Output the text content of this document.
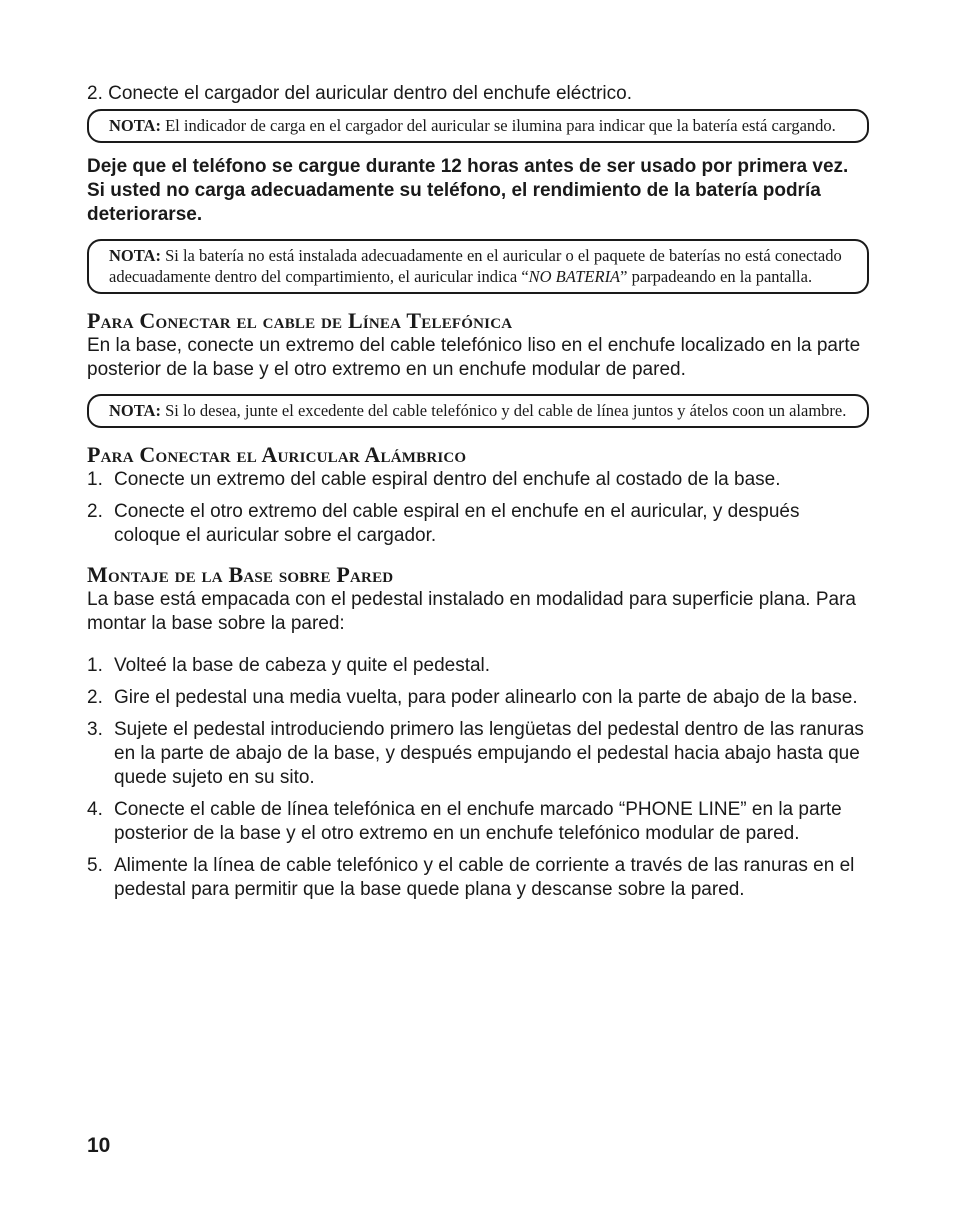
2. Conecte el cargador del auricular dentro del enchufe eléctrico.

NOTA: El indicador de carga en el cargador del auricular se ilumina para indicar que la batería está cargando.

Deje que el teléfono se cargue durante 12 horas antes de ser usado por primera vez. Si usted no carga adecuadamente su teléfono, el rendimiento de la batería podría deteriorarse.

NOTA: Si la batería no está instalada adecuadamente en el auricular o el paquete de baterías no está conectado adecuadamente dentro del compartimiento, el auricular indica “NO BATERIA” parpadeando en la pantalla.
Para Conectar el cable de Línea Telefónica

En la base, conecte un extremo del cable telefónico liso en el enchufe localizado en la parte posterior de la base y el otro extremo en un enchufe modular de pared.

NOTA: Si lo desea, junte el excedente del cable telefónico y del cable de línea juntos y átelos coon un alambre.
Para Conectar el Auricular Alámbrico
1. Conecte un extremo del cable espiral dentro del enchufe al costado de la base.
2. Conecte el otro extremo del cable espiral en el enchufe en el auricular, y después coloque el auricular sobre el cargador.
Montaje de la Base sobre Pared

La base está empacada con el pedestal instalado en modalidad para superficie plana. Para montar la base sobre la pared:

1. Volteé la base de cabeza y quite el pedestal.
2. Gire el pedestal una media vuelta, para poder alinearlo con la parte de abajo de la base.
3. Sujete el pedestal introduciendo primero las lengüetas del pedestal dentro de las ranuras en la parte de abajo de la base, y después empujando el pedestal hacia abajo hasta que quede sujeto en su sito.
4. Conecte el cable de línea telefónica en el enchufe marcado “PHONE LINE” en la parte posterior de la base y el otro extremo en un enchufe telefónico modular de pared.
5. Alimente la línea de cable telefónico y el cable de corriente a través de las ranuras en el pedestal para permitir que la base quede plana y descanse sobre la pared.
10
